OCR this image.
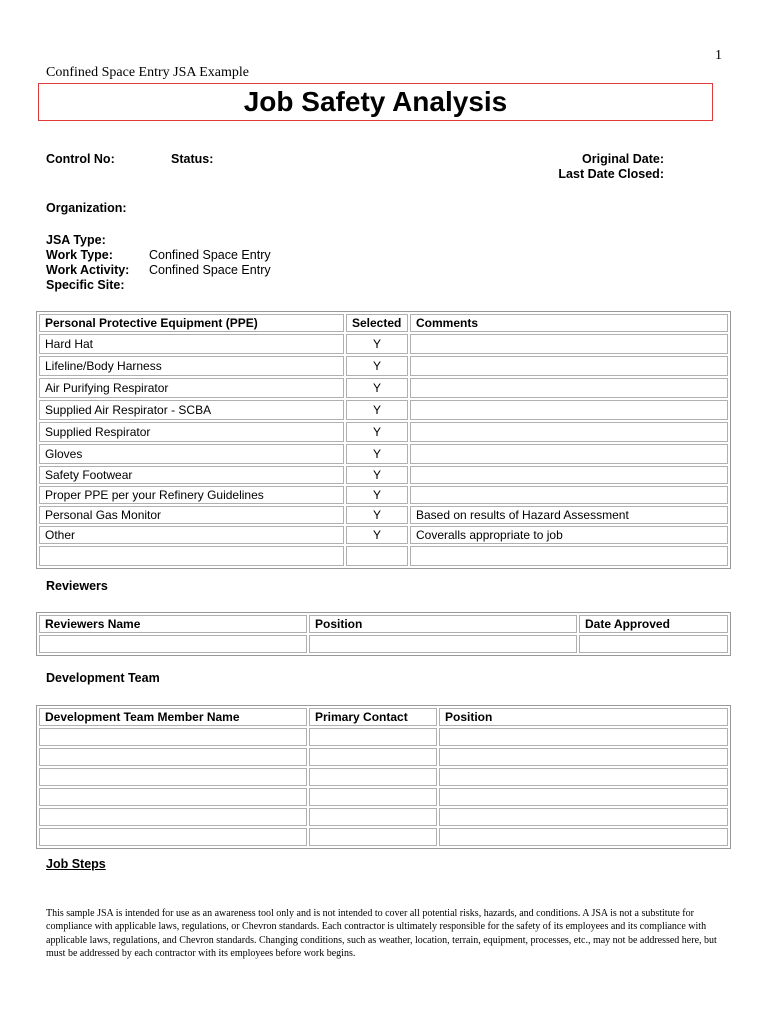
1
Confined Space Entry JSA Example
Job Safety Analysis
Control No:	Status:	Original Date:
Last Date Closed:
Organization:
JSA Type:
Work Type:	Confined Space Entry
Work Activity: Confined Space Entry
Specific Site:
Personal Protective Equipment (PPE)	Selected	Comments
Hard Hat	Y	
Lifeline/Body Harness	Y	
Air Purifying Respirator	Y	
Supplied Air Respirator - SCBA	Y	
Supplied Respirator	Y	
Gloves	Y	
Safety Footwear	Y	
Proper PPE per your Refinery Guidelines	Y	
Personal Gas Monitor	Y	Based on results of Hazard Assessment
Other	Y	Coveralls appropriate to job

Reviewers
Reviewers Name	Position	Date Approved

Development Team
Development Team Member Name	Primary Contact	Position

Job Steps
This sample JSA is intended for use as an awareness tool only and is not intended to cover all potential risks, hazards, and conditions. A JSA is not a substitute for compliance with applicable laws, regulations, or Chevron standards. Each contractor is ultimately responsible for the safety of its employees and its compliance with applicable laws, regulations, and Chevron standards. Changing conditions, such as weather, location, terrain, equipment, processes, etc., may not be addressed here, but must be addressed by each contractor with its employees before work begins.
